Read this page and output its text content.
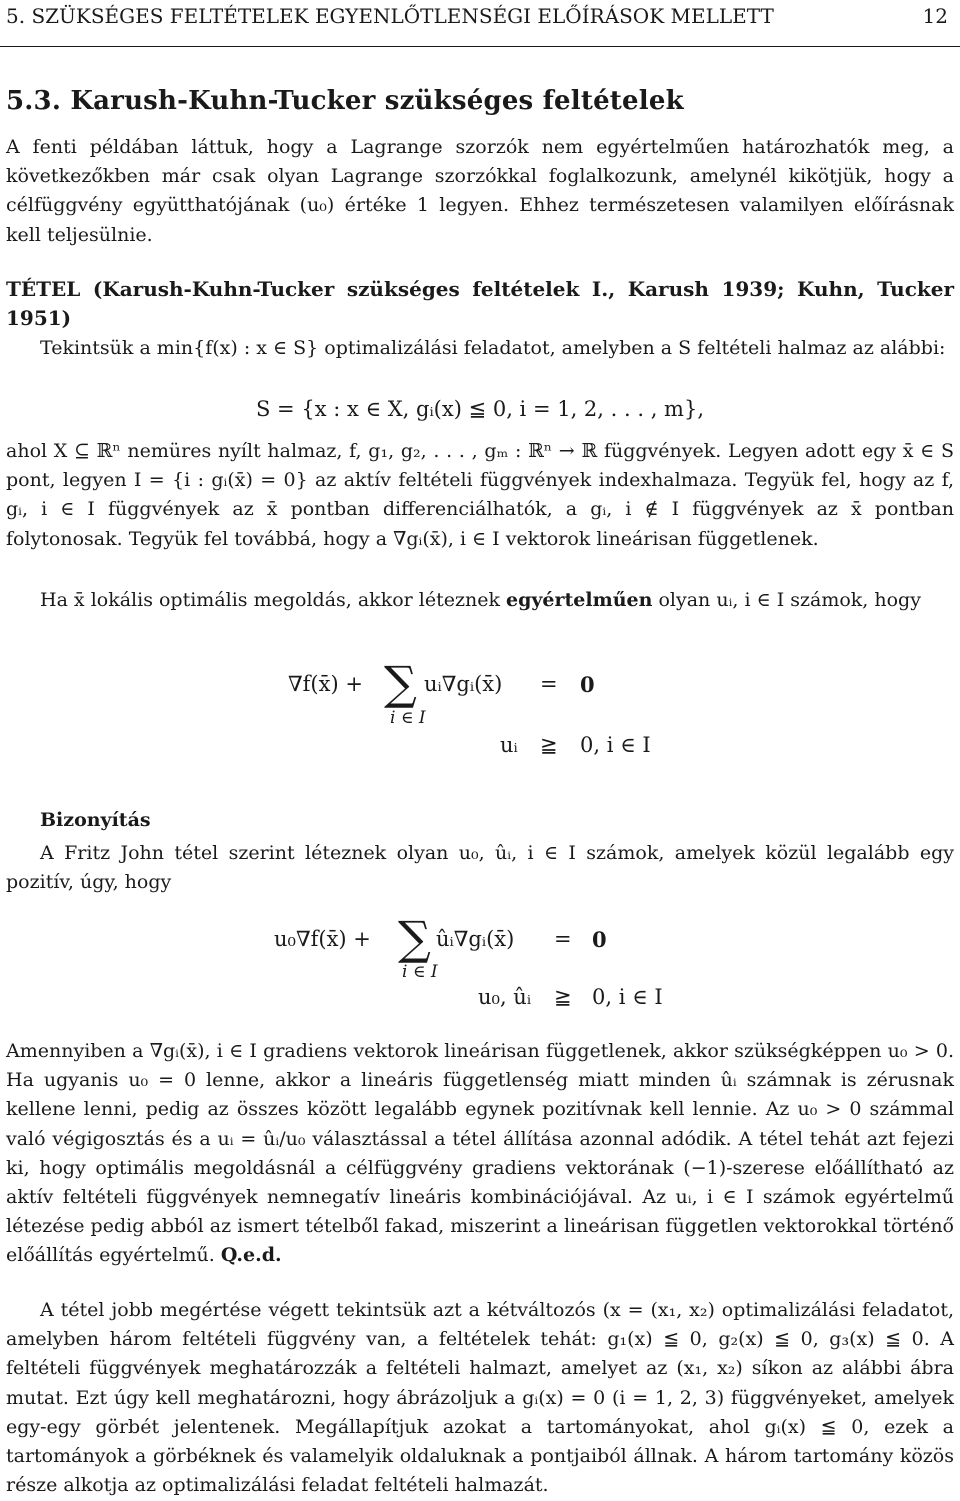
5. SZÜKSÉGES FELTÉTELEK EGYENLŐTLENSÉGI ELŐÍRÁSOK MELLETT	12
5.3. Karush-Kuhn-Tucker szükséges feltételek
A fenti példában láttuk, hogy a Lagrange szorzók nem egyértelműen határozhatók meg, a következőkben már csak olyan Lagrange szorzókkal foglalkozunk, amelynél kikötjük, hogy a célfüggvény együtthatójának (u₀) értéke 1 legyen. Ehhez természetesen valamilyen előírásnak kell teljesülnie.
TÉTEL (Karush-Kuhn-Tucker szükséges feltételek I., Karush 1939; Kuhn, Tucker 1951)
Tekintsük a min{f(x) : x ∈ S} optimalizálási feladatot, amelyben a S feltételi halmaz az alábbi:
S = {x : x ∈ X, gᵢ(x) ≦ 0, i = 1, 2, . . . , m},
ahol X ⊆ ℝⁿ nemüres nyílt halmaz, f, g₁, g₂, . . . , gₘ : ℝⁿ → ℝ függvények. Legyen adott egy x̄ ∈ S pont, legyen I = {i : gᵢ(x̄) = 0} az aktív feltételi függvények indexhalmaza. Tegyük fel, hogy az f, gᵢ, i ∈ I függvények az x̄ pontban differenciálhatók, a gᵢ, i ∉ I függvények az x̄ pontban folytonosak. Tegyük fel továbbá, hogy a ∇gᵢ(x̄), i ∈ I vektorok lineárisan függetlenek.
Ha x̄ lokális optimális megoldás, akkor léteznek egyértelműen olyan uᵢ, i ∈ I számok, hogy
∇f(x̄) + ∑
i ∈ I
uᵢ∇gᵢ(x̄) = 0
uᵢ ≧ 0, i ∈ I
Bizonyítás
A Fritz John tétel szerint léteznek olyan u₀, ûᵢ, i ∈ I számok, amelyek közül legalább egy pozitív, úgy, hogy
u₀∇f(x̄) + ∑
i ∈ I
ûᵢ∇gᵢ(x̄) = 0
u₀, ûᵢ ≧ 0, i ∈ I
Amennyiben a ∇gᵢ(x̄), i ∈ I gradiens vektorok lineárisan függetlenek, akkor szükségképpen u₀ > 0. Ha ugyanis u₀ = 0 lenne, akkor a lineáris függetlenség miatt minden ûᵢ számnak is zérusnak kellene lenni, pedig az összes között legalább egynek pozitívnak kell lennie. Az u₀ > 0 számmal való végigosztás és a uᵢ = ûᵢ/u₀ választással a tétel állítása azonnal adódik. A tétel tehát azt fejezi ki, hogy optimális megoldásnál a célfüggvény gradiens vektorának (−1)-szerese előállítható az aktív feltételi függvények nemnegatív lineáris kombinációjával. Az uᵢ, i ∈ I számok egyértelmű létezése pedig abból az ismert tételből fakad, miszerint a lineárisan független vektorokkal történő előállítás egyértelmű. Q.e.d.
A tétel jobb megértése végett tekintsük azt a kétváltozós (x = (x₁, x₂) optimalizálási feladatot, amelyben három feltételi függvény van, a feltételek tehát: g₁(x) ≦ 0, g₂(x) ≦ 0, g₃(x) ≦ 0. A feltételi függvények meghatározzák a feltételi halmazt, amelyet az (x₁, x₂) síkon az alábbi ábra mutat. Ezt úgy kell meghatározni, hogy ábrázoljuk a gᵢ(x) = 0 (i = 1, 2, 3) függvényeket, amelyek egy-egy görbét jelentenek. Megállapítjuk azokat a tartományokat, ahol gᵢ(x) ≦ 0, ezek a tartományok a görbéknek és valamelyik oldaluknak a pontjaiból állnak. A három tartomány közös része alkotja az optimalizálási feladat feltételi halmazát.
